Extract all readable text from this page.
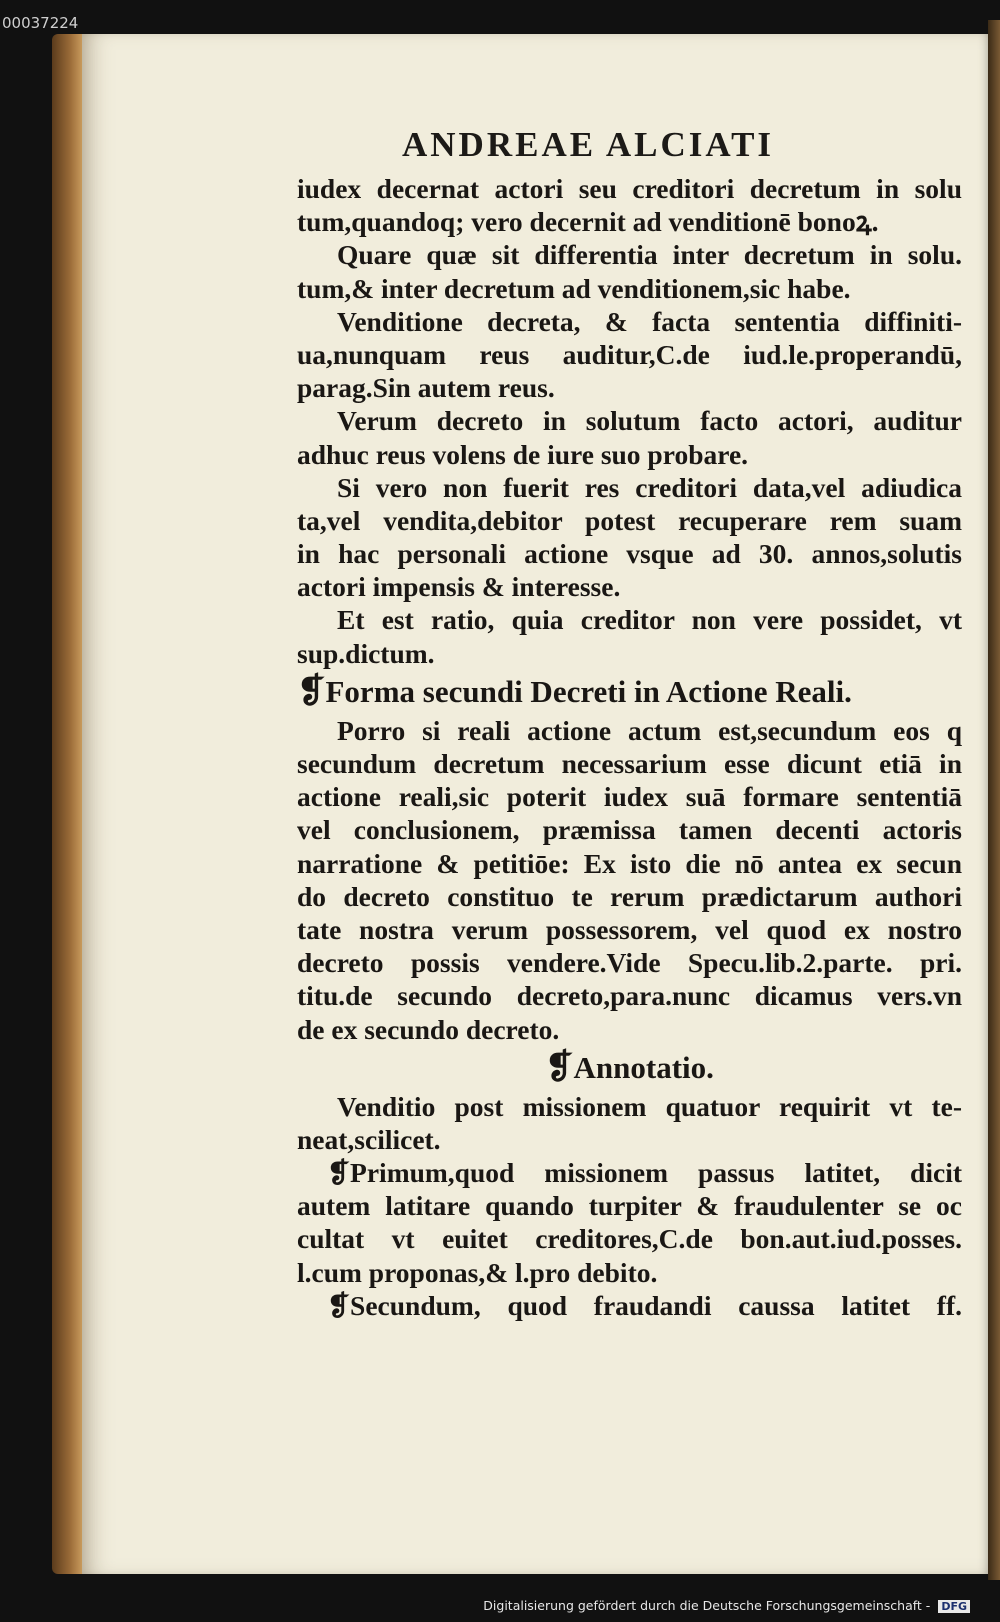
00037224
ANDREAE ALCIATI
iudex decernat actori seu creditori decretum in solu
tum,quandoq; vero decernit ad venditionē bonoꝝ.
Quare quæ sit differentia inter decretum in solu.
tum,& inter decretum ad venditionem,sic habe.
Venditione decreta, & facta sententia diffiniti-
ua,nunquam reus auditur,C.de iud.le.properandū,
parag.Sin autem reus.
Verum decreto in solutum facto actori, auditur
adhuc reus volens de iure suo probare.
Si vero non fuerit res creditori data,vel adiudica
ta,vel vendita,debitor potest recuperare rem suam
in hac personali actione vsque ad 30. annos,solutis
actori impensis & interesse.
Et est ratio, quia creditor non vere possidet, vt
sup.dictum.
❡Forma secundi Decreti in Actione Reali.
Porro si reali actione actum est,secundum eos q
secundum decretum necessarium esse dicunt etiā in
actione reali,sic poterit iudex suā formare sententiā
vel conclusionem, præmissa tamen decenti actoris
narratione & petitiōe: Ex isto die nō antea ex secun
do decreto constituo te rerum prædictarum authori
tate nostra verum possessorem, vel quod ex nostro
decreto possis vendere.Vide Specu.lib.2.parte. pri.
titu.de secundo decreto,para.nunc dicamus vers.vn
de ex secundo decreto.
❡Annotatio.
Venditio post missionem quatuor requirit vt te-
neat,scilicet.
❡Primum,quod missionem passus latitet, dicit
autem latitare quando turpiter & fraudulenter se oc
cultat vt euitet creditores,C.de bon.aut.iud.posses.
l.cum proponas,& l.pro debito.
❡Secundum, quod fraudandi caussa latitet ff.
Digitalisierung gefördert durch die Deutsche Forschungsgemeinschaft - DFG
